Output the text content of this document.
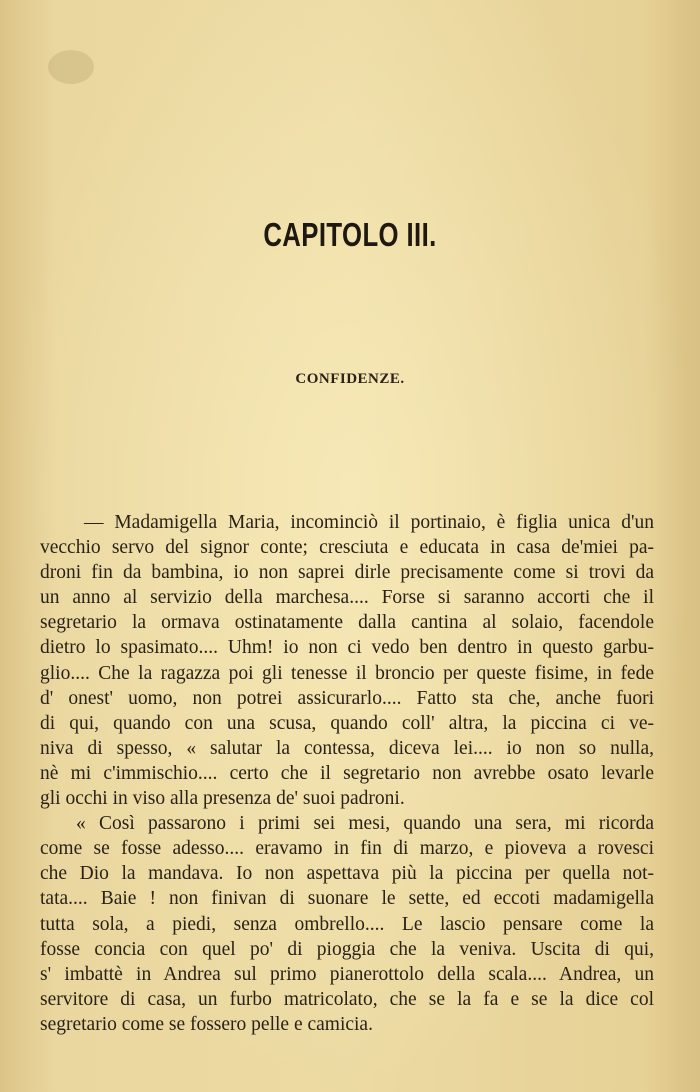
CAPITOLO III.
CONFIDENZE.
— Madamigella Maria, incominciò il portinaio, è figlia unica d'un
vecchio servo del signor conte; cresciuta e educata in casa de'miei pa-
droni fin da bambina, io non saprei dirle precisamente come si trovi da
un anno al servizio della marchesa.... Forse si saranno accorti che il
segretario la ormava ostinatamente dalla cantina al solaio, facendole
dietro lo spasimato.... Uhm! io non ci vedo ben dentro in questo garbu-
glio.... Che la ragazza poi gli tenesse il broncio per queste fisime, in fede
d' onest' uomo, non potrei assicurarlo.... Fatto sta che, anche fuori
di qui, quando con una scusa, quando coll' altra, la piccina ci ve-
niva di spesso, « salutar la contessa, diceva lei.... io non so nulla,
nè mi c'immischio.... certo che il segretario non avrebbe osato levarle
gli occhi in viso alla presenza de' suoi padroni.
« Così passarono i primi sei mesi, quando una sera, mi ricorda
come se fosse adesso.... eravamo in fin di marzo, e pioveva a rovesci
che Dio la mandava. Io non aspettava più la piccina per quella not-
tata.... Baie ! non finivan di suonare le sette, ed eccoti madamigella
tutta sola, a piedi, senza ombrello.... Le lascio pensare come la
fosse concia con quel po' di pioggia che la veniva. Uscita di qui,
s' imbattè in Andrea sul primo pianerottolo della scala.... Andrea, un
servitore di casa, un furbo matricolato, che se la fa e se la dice col
segretario come se fossero pelle e camicia.
